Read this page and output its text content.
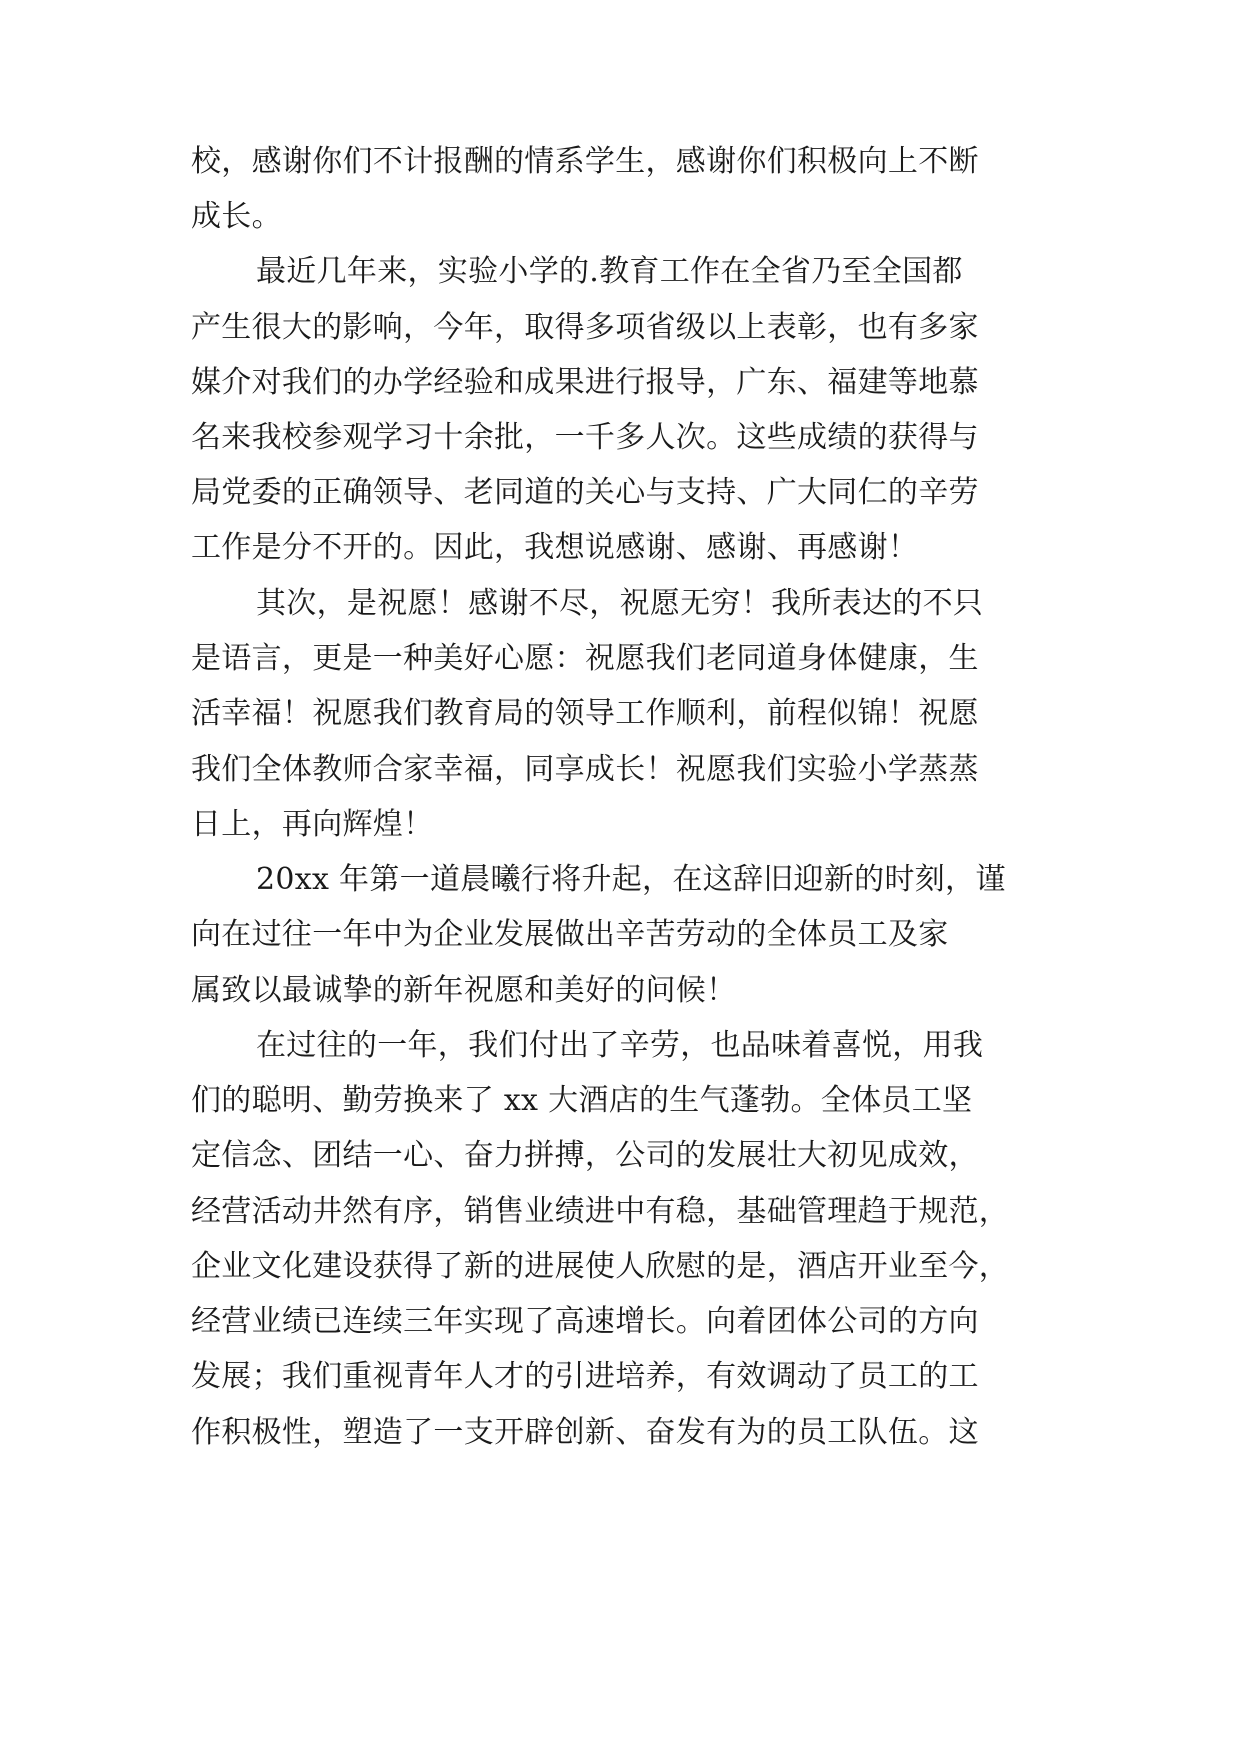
校，感谢你们不计报酬的情系学生，感谢你们积极向上不断

成长。

最近几年来，实验小学的.教育工作在全省乃至全国都

产生很大的影响，今年，取得多项省级以上表彰，也有多家

媒介对我们的办学经验和成果进行报导，广东、福建等地慕

名来我校参观学习十余批，一千多人次。这些成绩的获得与

局党委的正确领导、老同道的关心与支持、广大同仁的辛劳

工作是分不开的。因此，我想说感谢、感谢、再感谢！

其次，是祝愿！感谢不尽，祝愿无穷！我所表达的不只

是语言，更是一种美好心愿：祝愿我们老同道身体健康，生

活幸福！祝愿我们教育局的领导工作顺利，前程似锦！祝愿

我们全体教师合家幸福，同享成长！祝愿我们实验小学蒸蒸

日上，再向辉煌！

20xx 年第一道晨曦行将升起，在这辞旧迎新的时刻，谨

向在过往一年中为企业发展做出辛苦劳动的全体员工及家

属致以最诚挚的新年祝愿和美好的问候！

在过往的一年，我们付出了辛劳，也品味着喜悦，用我

们的聪明、勤劳换来了 xx 大酒店的生气蓬勃。全体员工坚

定信念、团结一心、奋力拼搏，公司的发展壮大初见成效，

经营活动井然有序，销售业绩进中有稳，基础管理趋于规范，

企业文化建设获得了新的进展使人欣慰的是，酒店开业至今，

经营业绩已连续三年实现了高速增长。向着团体公司的方向

发展；我们重视青年人才的引进培养，有效调动了员工的工

作积极性，塑造了一支开辟创新、奋发有为的员工队伍。这
